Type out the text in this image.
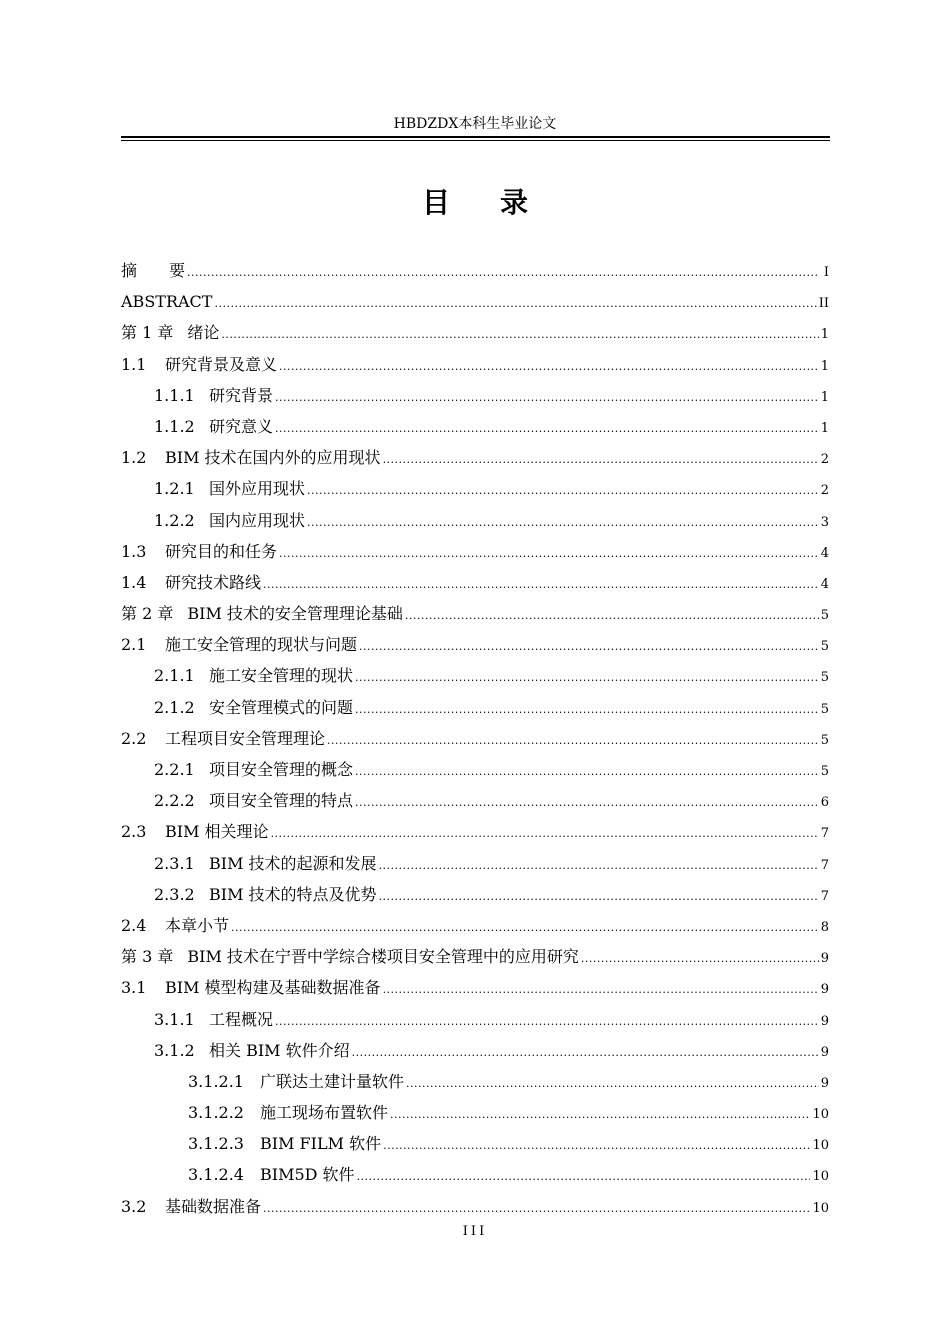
HBDZDX本科生毕业论文
目录
摘　　要 .....	I
ABSTRACT .....	II
第 1 章 绪论 .....	1
1.1	研究背景及意义 .....	1
1.1.1 研究背景 .....	1
1.1.2 研究意义 .....	1
1.2	BIM 技术在国内外的应用现状 .....	2
1.2.1 国外应用现状 .....	2
1.2.2 国内应用现状 .....	3
1.3	研究目的和任务 .....	4
1.4	研究技术路线 .....	4
第 2 章 BIM 技术的安全管理理论基础 .....	5
2.1	施工安全管理的现状与问题 .....	5
2.1.1 施工安全管理的现状 .....	5
2.1.2 安全管理模式的问题 .....	5
2.2	工程项目安全管理理论 .....	5
2.2.1 项目安全管理的概念 .....	5
2.2.2 项目安全管理的特点 .....	6
2.3	BIM 相关理论 .....	7
2.3.1 BIM 技术的起源和发展 .....	7
2.3.2 BIM 技术的特点及优势 .....	7
2.4	本章小节 .....	8
第 3 章 BIM 技术在宁晋中学综合楼项目安全管理中的应用研究 .....	9
3.1	BIM 模型构建及基础数据准备 .....	9
3.1.1 工程概况 .....	9
3.1.2 相关 BIM 软件介绍 .....	9
3.1.2.1	广联达土建计量软件 .....	9
3.1.2.2	施工现场布置软件 .....	10
3.1.2.3	BIM FILM 软件 .....	10
3.1.2.4	BIM5D 软件 .....	10
3.2	基础数据准备 .....	10
III
